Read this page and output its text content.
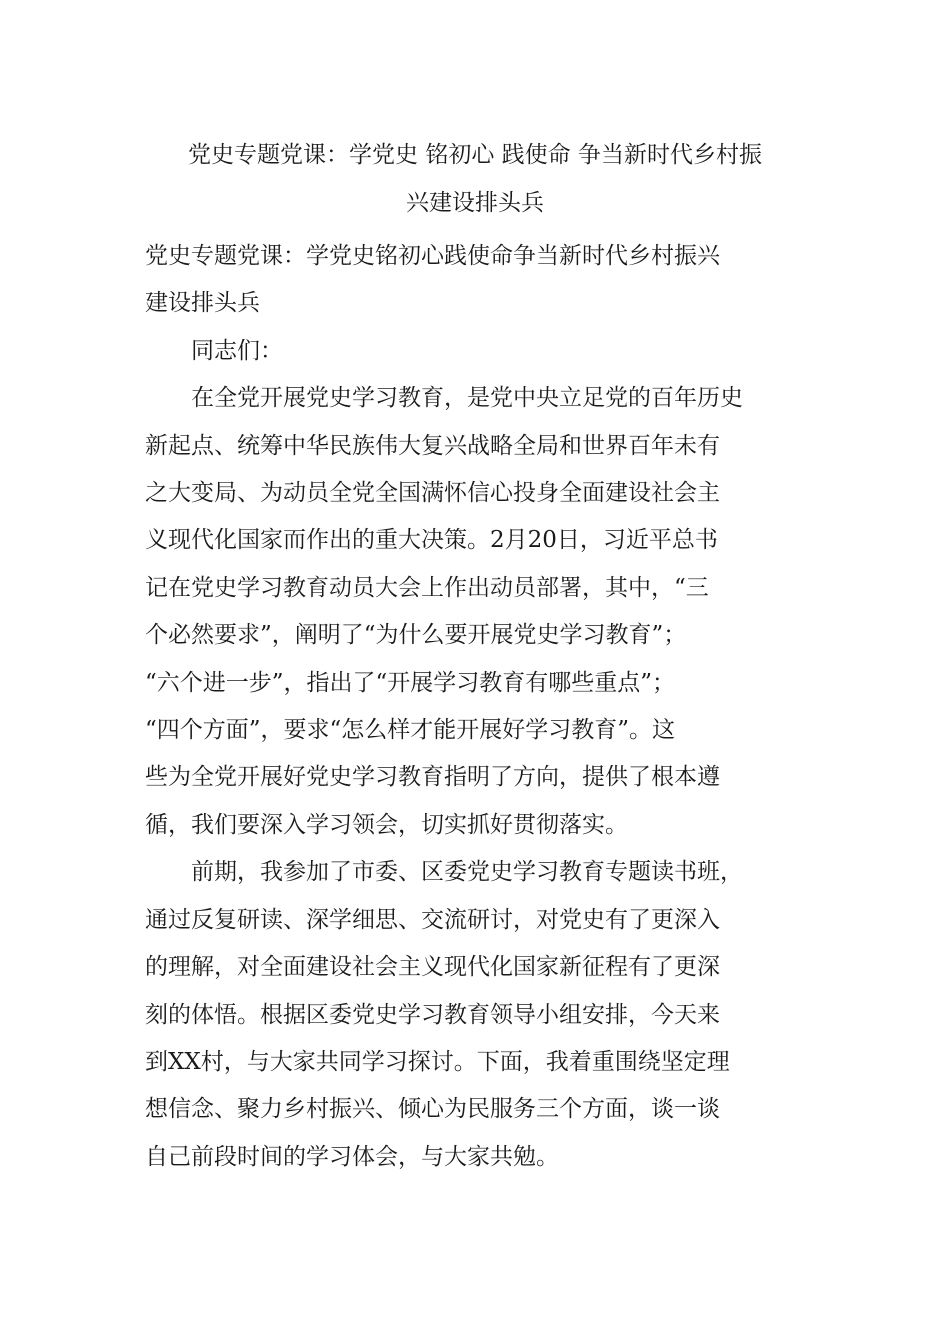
党史专题党课：学党史 铭初心 践使命 争当新时代乡村振
兴建设排头兵

党史专题党课：学党史铭初心践使命争当新时代乡村振兴
建设排头兵

同志们：

在全党开展党史学习教育，是党中央立足党的百年历史
新起点、统筹中华民族伟大复兴战略全局和世界百年未有
之大变局、为动员全党全国满怀信心投身全面建设社会主
义现代化国家而作出的重大决策。2月20日，习近平总书
记在党史学习教育动员大会上作出动员部署，其中，“三
个必然要求”，阐明了“为什么要开展党史学习教育”；
“六个进一步”，指出了“开展学习教育有哪些重点”；
“四个方面”，要求“怎么样才能开展好学习教育”。这
些为全党开展好党史学习教育指明了方向，提供了根本遵
循，我们要深入学习领会，切实抓好贯彻落实。

前期，我参加了市委、区委党史学习教育专题读书班，
通过反复研读、深学细思、交流研讨，对党史有了更深入
的理解，对全面建设社会主义现代化国家新征程有了更深
刻的体悟。根据区委党史学习教育领导小组安排，今天来
到XX村，与大家共同学习探讨。下面，我着重围绕坚定理
想信念、聚力乡村振兴、倾心为民服务三个方面，谈一谈
自己前段时间的学习体会，与大家共勉。
